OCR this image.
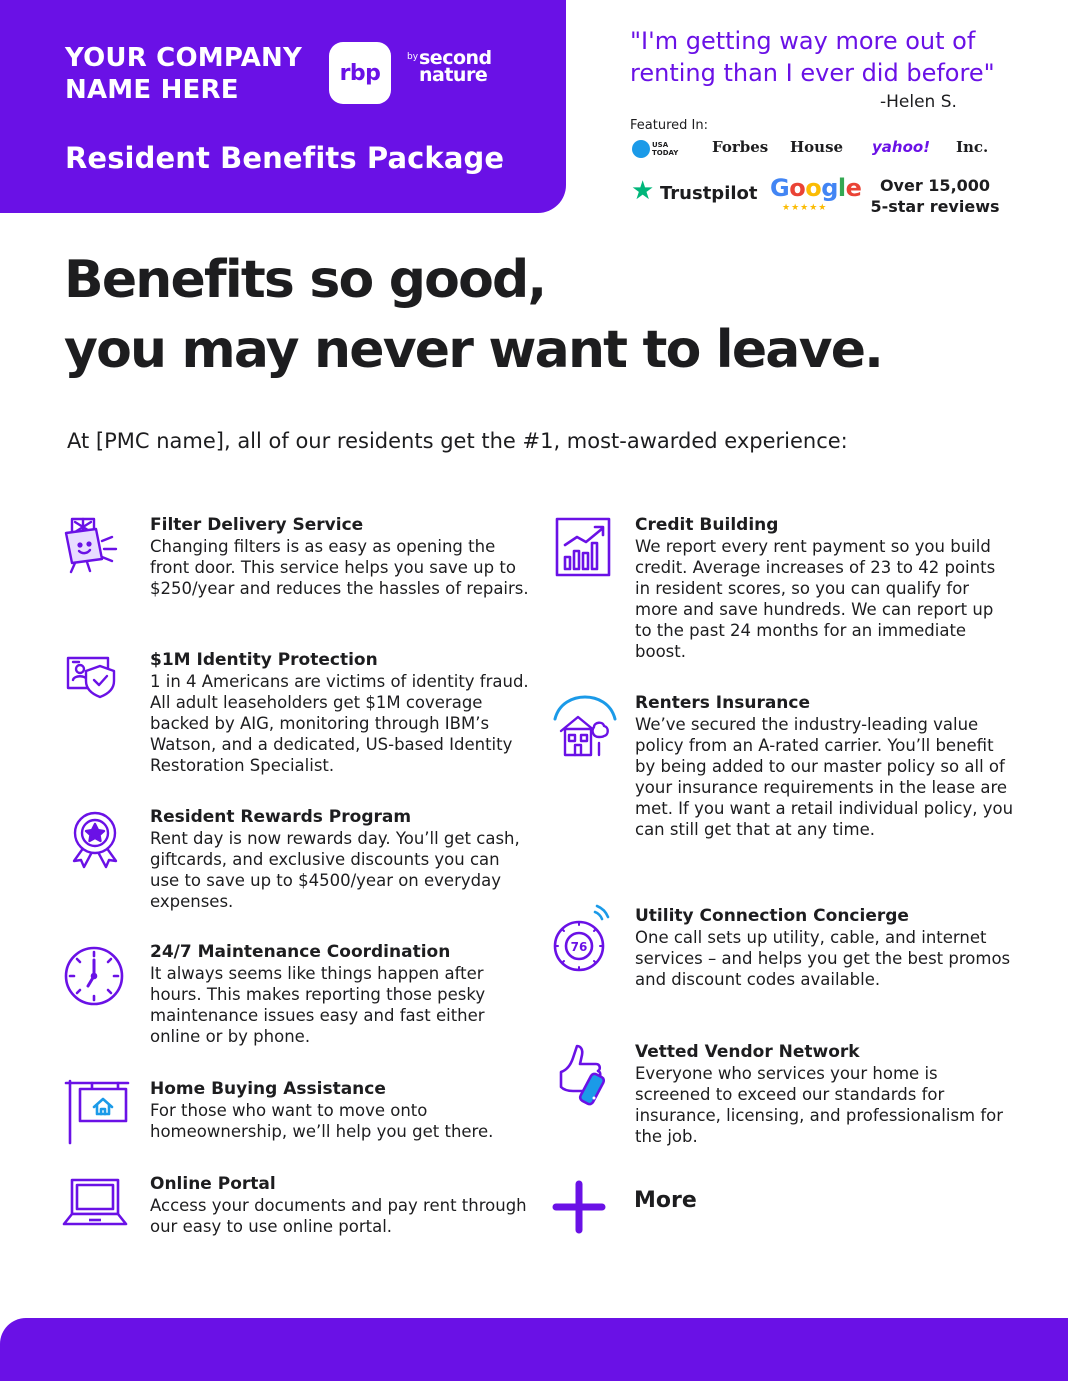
YOUR COMPANY
NAME HERE
rbp
by second
nature
Resident Benefits Package
"I'm getting way more out of
renting than I ever did before"
-Helen S.
Featured In:
USA
TODAY Forbes House yahoo! Inc.
★ Trustpilot Google
★★★★★
Over 15,000
5-star reviews
Benefits so good,
you may never want to leave.
At [PMC name], all of our residents get the #1, most-awarded experience:
Filter Delivery Service

Changing filters is as easy as opening the front door. This service helps you save up to $250/year and reduces the hassles of repairs.

$1M Identity Protection

1 in 4 Americans are victims of identity fraud. All adult leaseholders get $1M coverage backed by AIG, monitoring through IBM’s Watson, and a dedicated, US-based Identity Restoration Specialist.

Resident Rewards Program

Rent day is now rewards day. You’ll get cash, giftcards, and exclusive discounts you can use to save up to $4500/year on everyday expenses.

24/7 Maintenance Coordination

It always seems like things happen after hours. This makes reporting those pesky maintenance issues easy and fast either online or by phone.

Home Buying Assistance

For those who want to move onto homeownership, we’ll help you get there.

Online Portal

Access your documents and pay rent through our easy to use online portal.

Credit Building

We report every rent payment so you build credit. Average increases of 23 to 42 points in resident scores, so you can qualify for more and save hundreds. We can report up to the past 24 months for an immediate boost.

Renters Insurance

We’ve secured the industry-leading value policy from an A-rated carrier. You’ll benefit by being added to our master policy so all of your insurance requirements in the lease are met. If you want a retail individual policy, you can still get that at any time.

76
Utility Connection Concierge

One call sets up utility, cable, and internet services – and helps you get the best promos and discount codes available.

Vetted Vendor Network

Everyone who services your home is screened to exceed our standards for insurance, licensing, and professionalism for the job.

More
